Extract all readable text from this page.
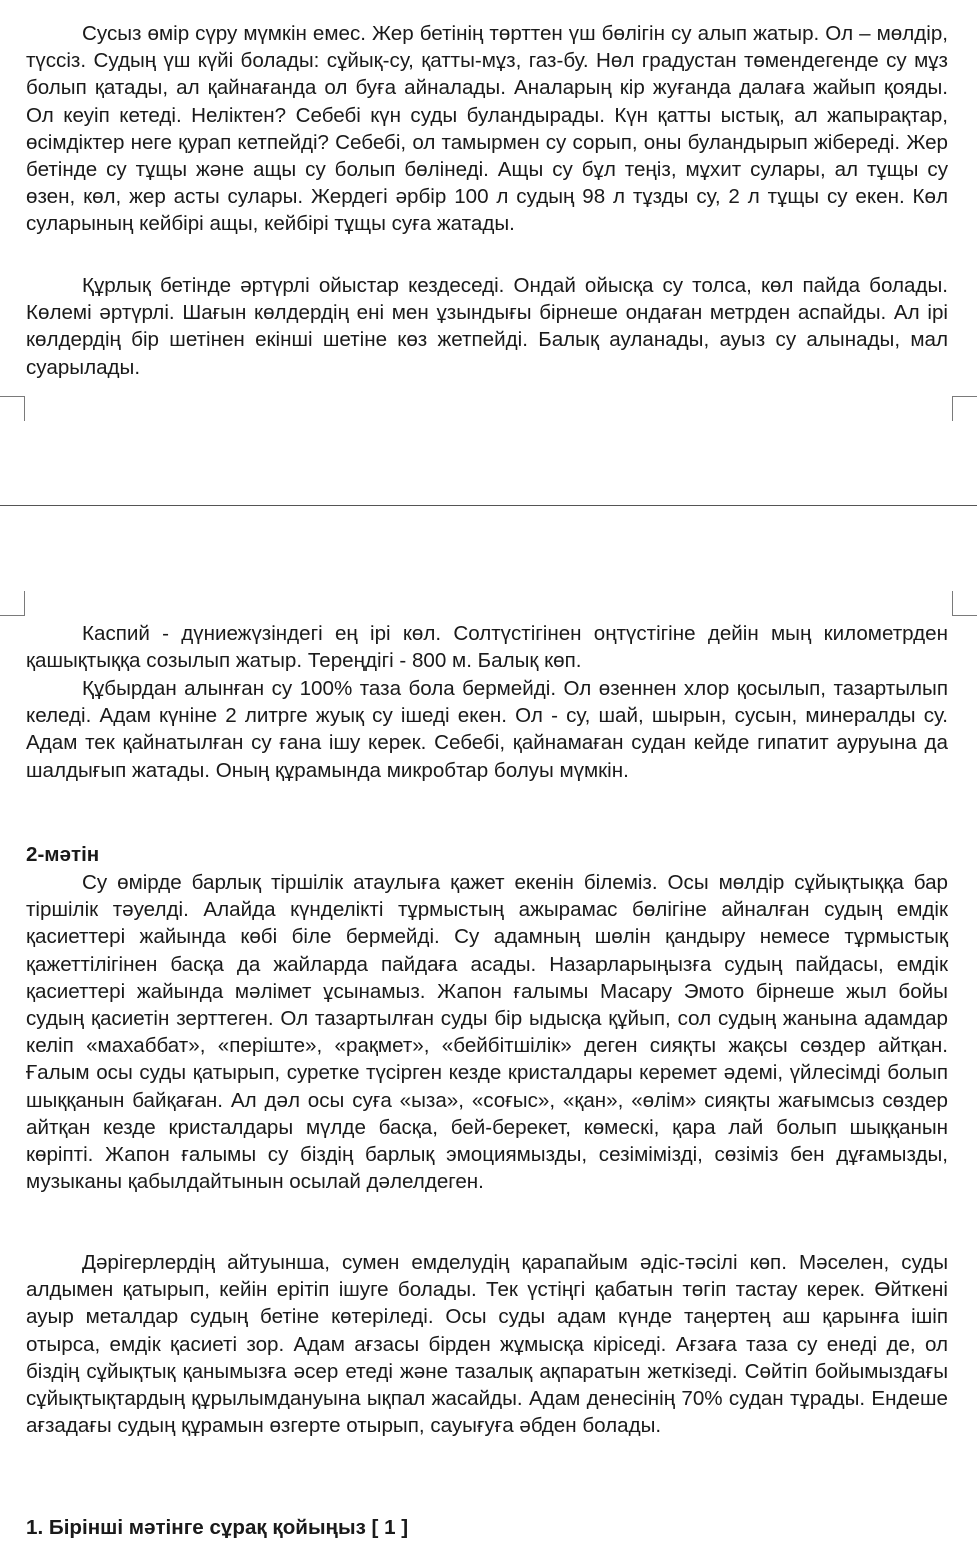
Сусыз өмір сүру мүмкін емес. Жер бетінің төрттен үш бөлігін су алып жатыр. Ол – мөлдір, түссіз. Судың үш күйі болады: сұйық-су, қатты-мұз, газ-бу. Нөл градустан төмендегенде су мұз болып қатады, ал қайнағанда ол буға айналады. Аналарың кір жуғанда далаға жайып қояды. Ол кеуіп кетеді. Неліктен? Себебі күн суды буландырады. Күн қатты ыстық, ал жапырақтар, өсімдіктер неге қурап кетпейді? Себебі, ол тамырмен су сорып, оны буландырып жібереді. Жер бетінде су тұщы және ащы су болып бөлінеді. Ащы су бұл теңіз, мұхит сулары, ал тұщы су өзен, көл, жер асты сулары. Жердегі әрбір 100 л судың 98 л тұзды су, 2 л тұщы су екен. Көл суларының кейбірі ащы, кейбірі тұщы суға жатады.

Құрлық бетінде әртүрлі ойыстар кездеседі. Ондай ойысқа су толса, көл пайда болады. Көлемі әртүрлі. Шағын көлдердің ені мен ұзындығы бірнеше ондаған метрден аспайды. Ал ірі көлдердің бір шетінен екінші шетіне көз жетпейді. Балық ауланады, ауыз су алынады, мал суарылады.

Каспий - дүниежүзіндегі ең ірі көл. Солтүстігінен оңтүстігіне дейін мың километрден қашықтыққа созылып жатыр. Тереңдігі - 800 м. Балық көп.

Құбырдан алынған су 100% таза бола бермейді. Ол өзеннен хлор қосылып, тазартылып келеді. Адам күніне 2 литрге жуық су ішеді екен. Ол - су, шай, шырын, сусын, минералды су. Адам тек қайнатылған су ғана ішу керек. Себебі, қайнамаған судан кейде гипатит ауруына да шалдығып жатады. Оның құрамында микробтар болуы мүмкін.

2-мәтін

Су өмірде барлық тіршілік атаулыға қажет екенін білеміз. Осы мөлдір сұйықтыққа бар тіршілік тәуелді. Алайда күнделікті тұрмыстың ажырамас бөлігіне айналған судың емдік қасиеттері жайында көбі біле бермейді. Су адамның шөлін қандыру немесе тұрмыстық қажеттілігінен басқа да жайларда пайдаға асады. Назарларыңызға судың пайдасы, емдік қасиеттері жайында мәлімет ұсынамыз. Жапон ғалымы Масару Эмото бірнеше жыл бойы судың қасиетін зерттеген. Ол тазартылған суды бір ыдысқа құйып, сол судың жанына адамдар келіп «махаббат», «періште», «рақмет», «бейбітшілік» деген сияқты жақсы сөздер айтқан. Ғалым осы суды қатырып, суретке түсірген кезде кристалдары керемет әдемі, үйлесімді болып шыққанын байқаған. Ал дәл осы суға «ыза», «соғыс», «қан», «өлім» сияқты жағымсыз сөздер айтқан кезде кристалдары мүлде басқа, бей-берекет, көмескі, қара лай болып шыққанын көріпті. Жапон ғалымы су біздің барлық эмоциямызды, сезімімізді, сөзіміз бен дұғамызды, музыканы қабылдайтынын осылай дәлелдеген.

Дәрігерлердің айтуынша, сумен емделудің қарапайым әдіс-тәсілі көп. Мәселен, суды алдымен қатырып, кейін ерітіп ішуге болады. Тек үстіңгі қабатын төгіп тастау керек. Өйткені ауыр металдар судың бетіне көтеріледі. Осы суды адам күнде таңертең аш қарынға ішіп отырса, емдік қасиеті зор. Адам ағзасы бірден жұмысқа кіріседі. Ағзаға таза су енеді де, ол біздің сұйықтық қанымызға әсер етеді және тазалық ақпаратын жеткізеді. Сөйтіп бойымыздағы сұйықтықтардың құрылымдануына ықпал жасайды. Адам денесінің 70% судан тұрады. Ендеше ағзадағы судың құрамын өзгерте отырып, сауығуға әбден болады.

1. Бірінші мәтінге сұрақ қойыңыз [ 1 ]
